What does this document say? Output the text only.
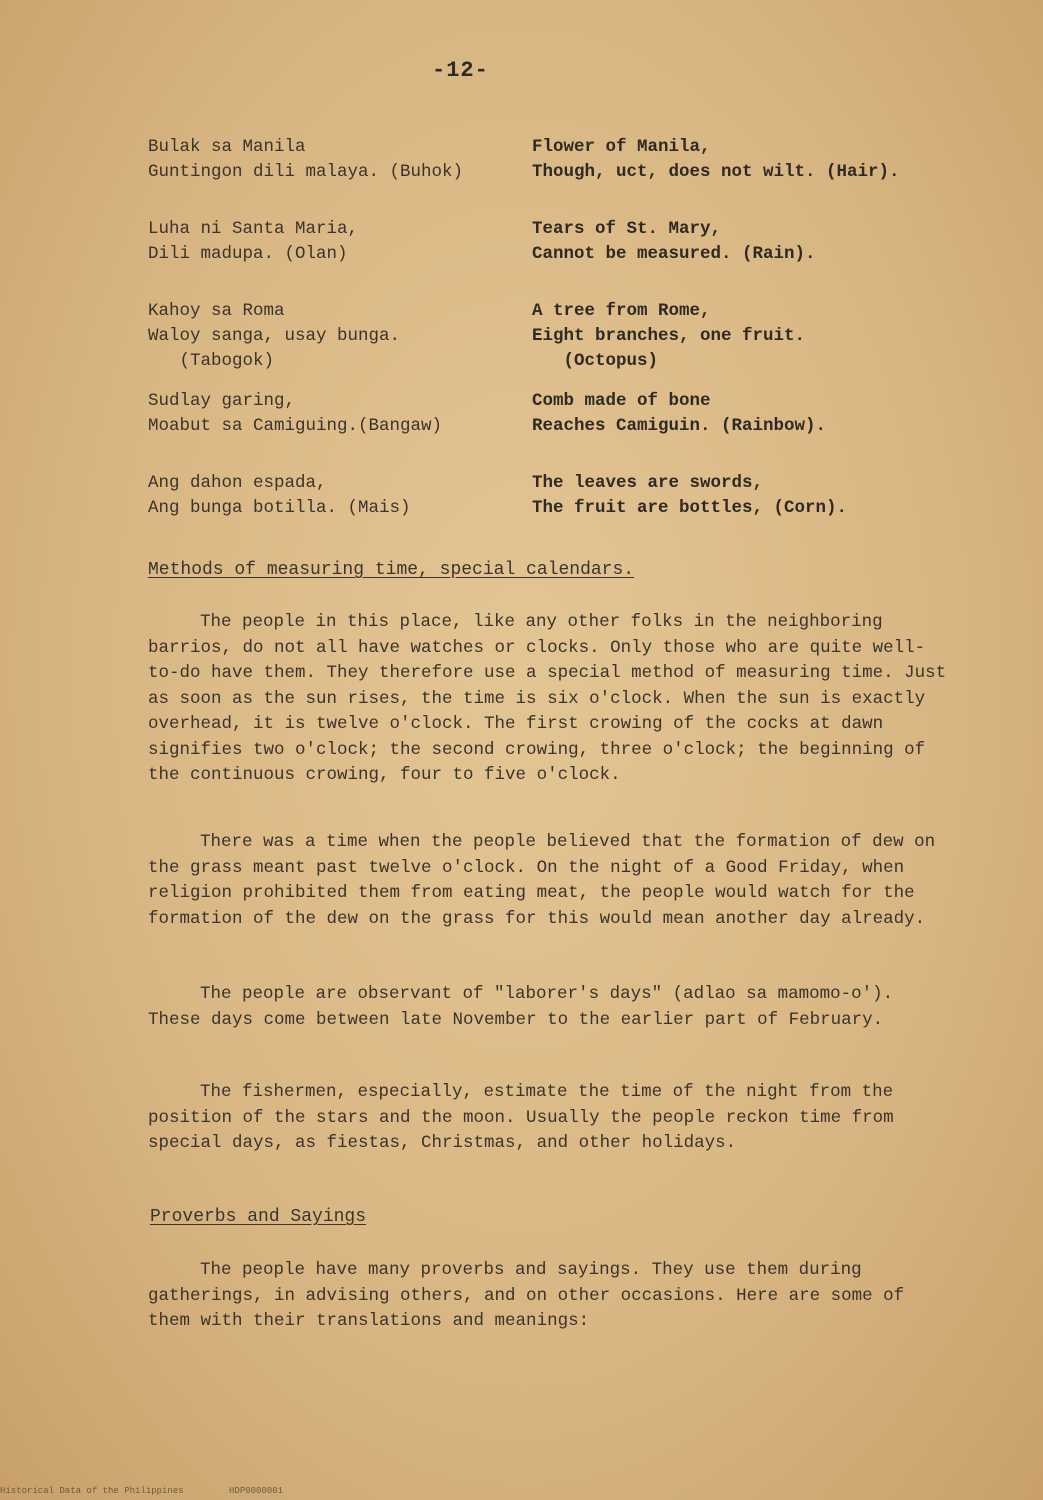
-12-
Bulak sa Manila
Guntingon dili malaya. (Buhok)
Flower of Manila,
Though, uct, does not wilt. (Hair).
Luha ni Santa Maria,
Dili madupa. (Olan)
Tears of St. Mary,
Cannot be measured. (Rain).
Kahoy sa Roma
Waloy sanga, usay bunga.
(Tabogok)
A tree from Rome,
Eight branches, one fruit.
(Octopus)
Sudlay garing,
Moabut sa Camiguing.(Bangaw)
Comb made of bone
Reaches Camiguin. (Rainbow).
Ang dahon espada,
Ang bunga botilla. (Mais)
The leaves are swords,
The fruit are bottles, (Corn).
Methods of measuring time, special calendars.
The people in this place, like any other folks in the neighboring barrios, do not all have watches or clocks. Only those who are quite well-to-do have them. They therefore use a special method of measuring time. Just as soon as the sun rises, the time is six o'clock. When the sun is exactly overhead, it is twelve o'clock. The first crowing of the cocks at dawn signifies two o'clock; the second crowing, three o'clock; the beginning of the continuous crowing, four to five o'clock.
There was a time when the people believed that the formation of dew on the grass meant past twelve o'clock. On the night of a Good Friday, when religion prohibited them from eating meat, the people would watch for the formation of the dew on the grass for this would mean another day already.
The people are observant of "laborer's days" (adlao sa mamomo-o'). These days come between late November to the earlier part of February.
The fishermen, especially, estimate the time of the night from the position of the stars and the moon. Usually the people reckon time from special days, as fiestas, Christmas, and other holidays.
Proverbs and Sayings
The people have many proverbs and sayings. They use them during gatherings, in advising others, and on other occasions. Here are some of them with their translations and meanings:
Historical Data of the Philippines	HDP0000001
